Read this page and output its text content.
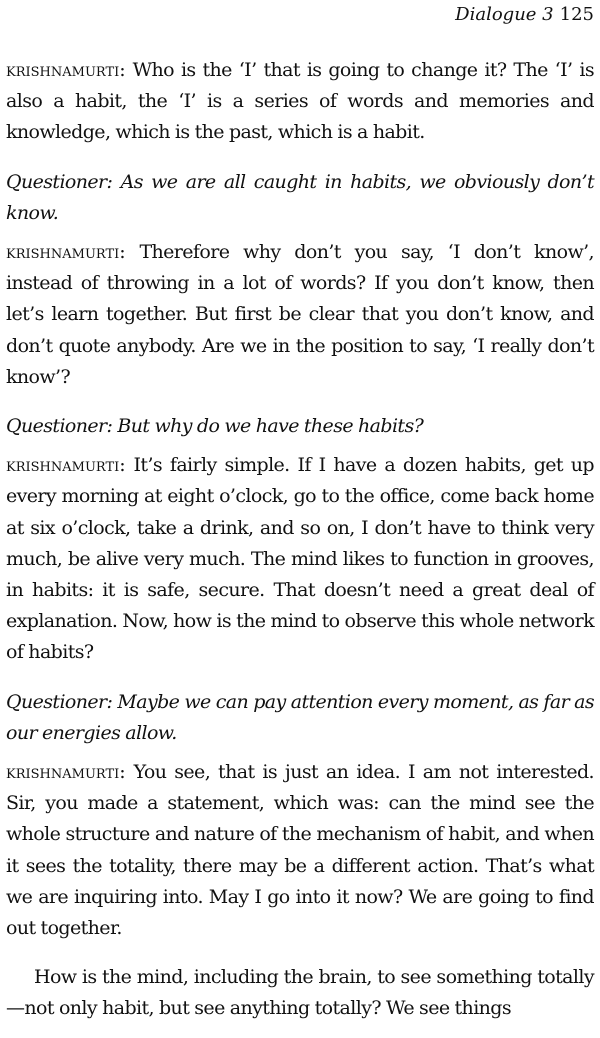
Dialogue 3 125

krishnamurti: Who is the ‘I’ that is going to change it? The ‘I’ is also a habit, the ‘I’ is a series of words and memories and knowledge, which is the past, which is a habit.

Questioner: As we are all caught in habits, we obviously don’t know.

krishnamurti: Therefore why don’t you say, ‘I don’t know’, instead of throwing in a lot of words? If you don’t know, then let’s learn together. But first be clear that you don’t know, and don’t quote anybody. Are we in the position to say, ‘I really don’t know’?

Questioner: But why do we have these habits?

krishnamurti: It’s fairly simple. If I have a dozen habits, get up every morning at eight o’clock, go to the office, come back home at six o’clock, take a drink, and so on, I don’t have to think very much, be alive very much. The mind likes to function in grooves, in habits: it is safe, secure. That doesn’t need a great deal of explanation. Now, how is the mind to observe this whole network of habits?

Questioner: Maybe we can pay attention every moment, as far as our energies allow.

krishnamurti: You see, that is just an idea. I am not interested. Sir, you made a statement, which was: can the mind see the whole structure and nature of the mechanism of habit, and when it sees the totality, there may be a different action. That’s what we are inquiring into. May I go into it now? We are going to find out together.

How is the mind, including the brain, to see something totally—not only habit, but see anything totally? We see things
